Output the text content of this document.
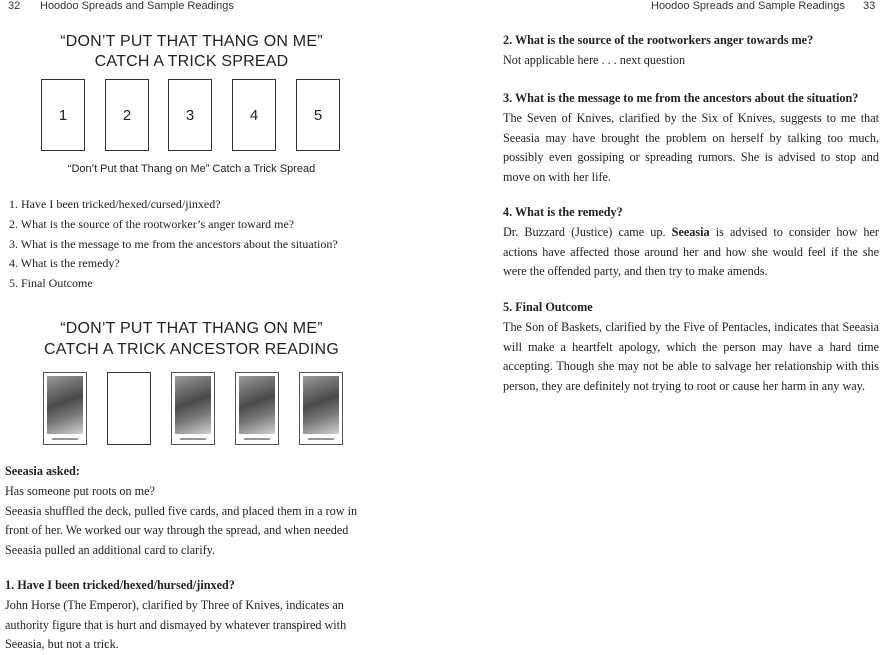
32 Hoodoo Spreads and Sample Readings
“DON’T PUT THAT THANG ON ME”
CATCH A TRICK SPREAD
1	2	3	4	5
“Don’t Put that Thang on Me” Catch a Trick Spread
1. Have I been tricked/hexed/cursed/jinxed?
2. What is the source of the rootworker’s anger toward me?
3. What is the message to me from the ancestors about the situation?
4. What is the remedy?
5. Final Outcome
“DON’T PUT THAT THANG ON ME”
CATCH A TRICK ANCESTOR READING
Seeasia asked:
Has someone put roots on me?
Seeasia shuffled the deck, pulled five cards, and placed them in a row in
front of her. We worked our way through the spread, and when needed
Seeasia pulled an additional card to clarify.
1. Have I been tricked/hexed/hursed/jinxed?
John Horse (The Emperor), clarified by Three of Knives, indicates an
authority figure that is hurt and dismayed by whatever transpired with
Seeasia, but not a trick.
Hoodoo Spreads and Sample Readings 33
2. What is the source of the rootworkers anger towards me?
Not applicable here . . . next question
3. What is the message to me from the ancestors about the situation?
The Seven of Knives, clarified by the Six of Knives, suggests to me that Seeasia may have brought the problem on herself by talking too much, possibly even gossiping or spreading rumors. She is advised to stop and move on with her life.
4. What is the remedy?
Dr. Buzzard (Justice) came up. Seeasia is advised to consider how her actions have affected those around her and how she would feel if the she were the offended party, and then try to make amends.
5. Final Outcome
The Son of Baskets, clarified by the Five of Pentacles, indicates that Seeasia will make a heartfelt apology, which the person may have a hard time accepting. Though she may not be able to salvage her relationship with this person, they are definitely not trying to root or cause her harm in any way.
